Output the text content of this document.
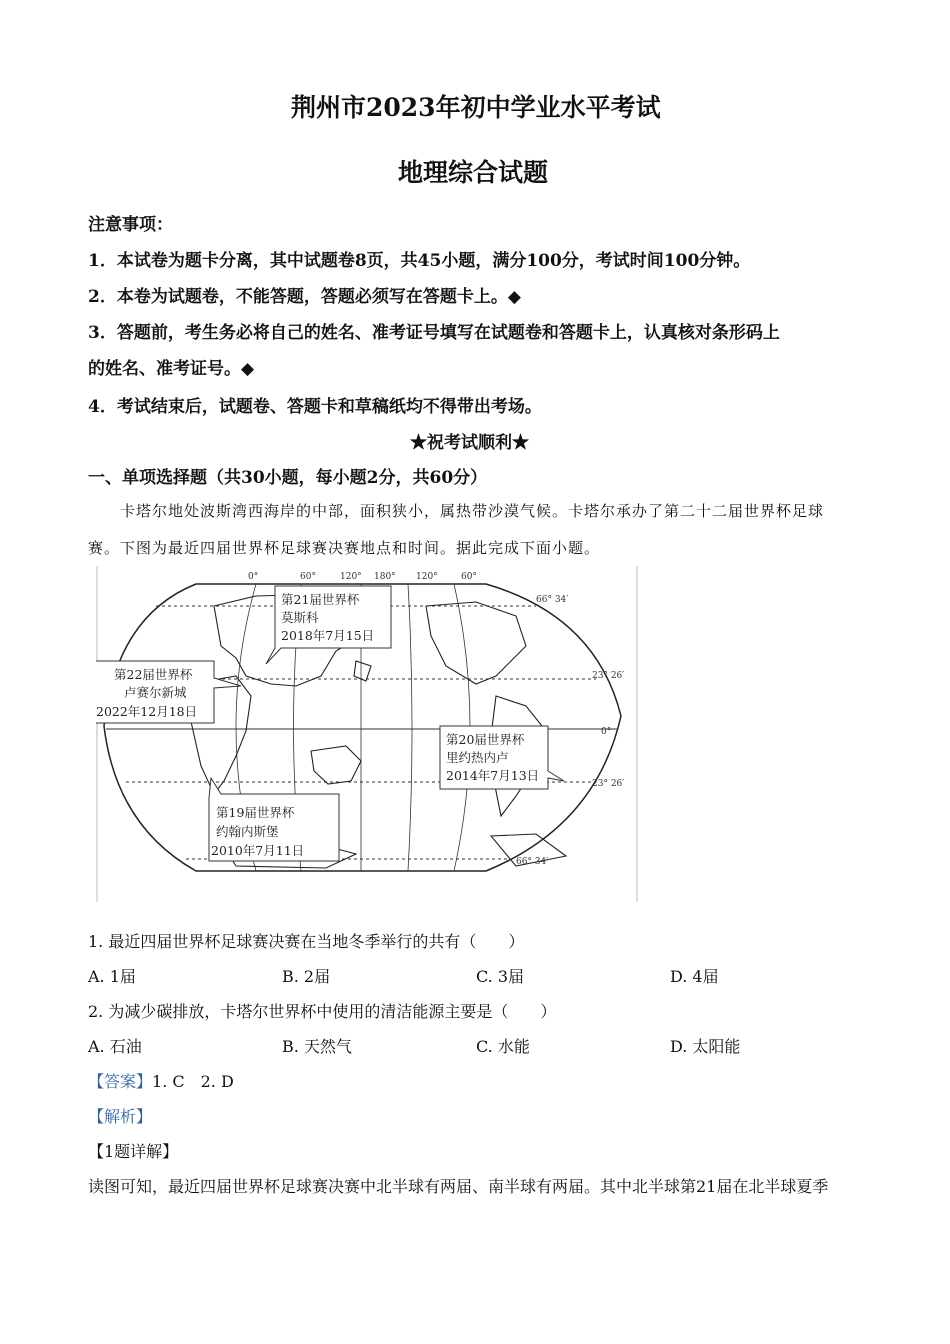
荆州市2023年初中学业水平考试
地理综合试题
注意事项：
1．本试卷为题卡分离，其中试题卷8页，共45小题，满分100分，考试时间100分钟。
2．本卷为试题卷，不能答题，答题必须写在答题卡上。◆
3．答题前，考生务必将自己的姓名、准考证号填写在试题卷和答题卡上，认真核对条形码上
的姓名、准考证号。◆
4．考试结束后，试题卷、答题卡和草稿纸均不得带出考场。
★祝考试顺利★
一、单项选择题（共30小题，每小题2分，共60分）
卡塔尔地处波斯湾西海岸的中部，面积狭小，属热带沙漠气候。卡塔尔承办了第二十二届世界杯足球
赛。下图为最近四届世界杯足球赛决赛地点和时间。据此完成下面小题。
0°	60°	120° 180° 120°	60°
66° 34′
23° 26′
0°
23° 26′
66° 34′
第21届世界杯
莫斯科
2018年7月15日
第22届世界杯
卢赛尔新城
2022年12月18日
第20届世界杯
里约热内卢
2014年7月13日
第19届世界杯
约翰内斯堡
2010年7月11日
1. 最近四届世界杯足球赛决赛在当地冬季举行的共有（　　）
A. 1届	B. 2届	C. 3届	D. 4届
2. 为减少碳排放，卡塔尔世界杯中使用的清洁能源主要是（　　）
A. 石油	B. 天然气	C. 水能	D. 太阳能
【答案】1. C　2. D
【解析】
【1题详解】
读图可知，最近四届世界杯足球赛决赛中北半球有两届、南半球有两届。其中北半球第21届在北半球夏季
